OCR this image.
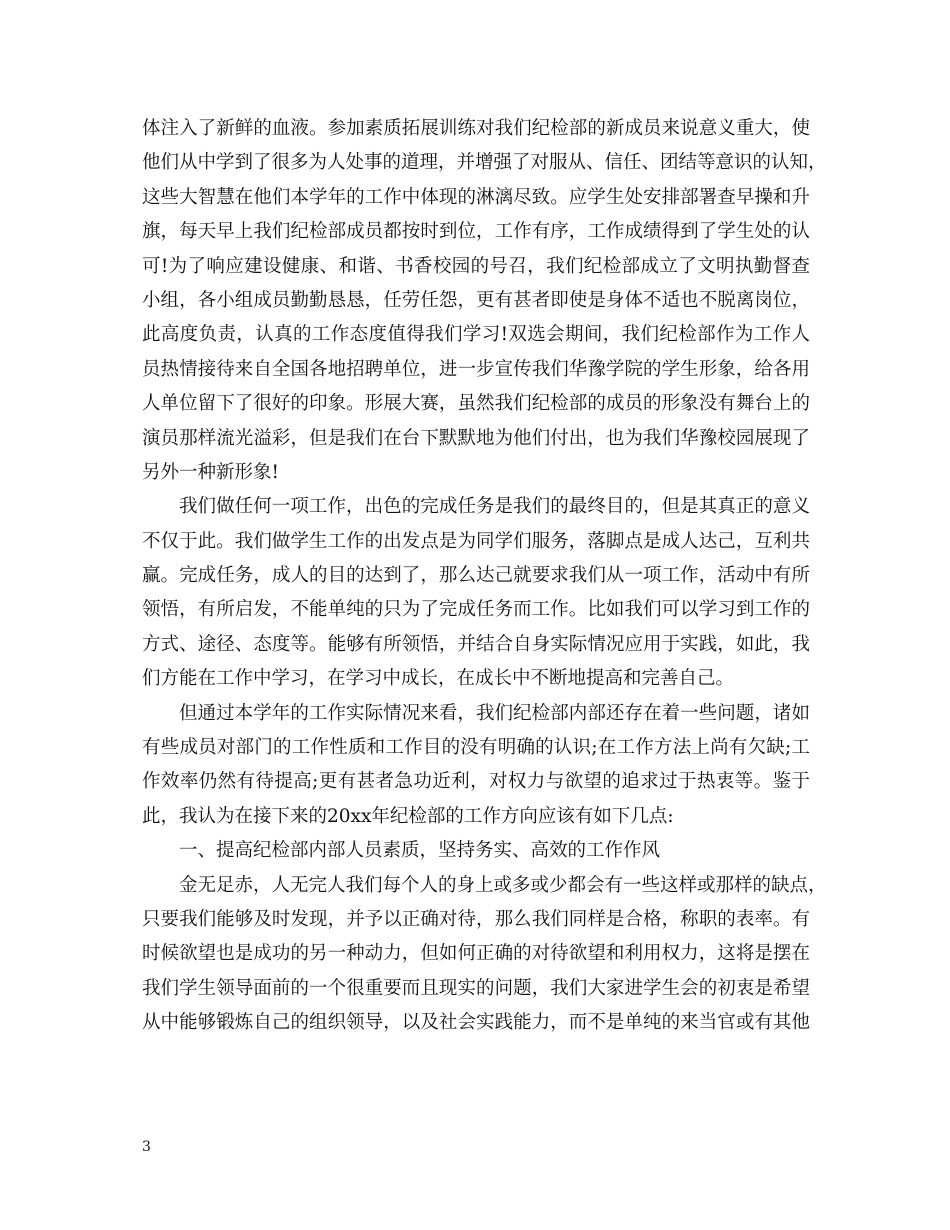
体注入了新鲜的血液。参加素质拓展训练对我们纪检部的新成员来说意义重大，使
他们从中学到了很多为人处事的道理，并增强了对服从、信任、团结等意识的认知，
这些大智慧在他们本学年的工作中体现的淋漓尽致。应学生处安排部署查早操和升
旗，每天早上我们纪检部成员都按时到位，工作有序，工作成绩得到了学生处的认
可!为了响应建设健康、和谐、书香校园的号召，我们纪检部成立了文明执勤督查
小组，各小组成员勤勤恳恳，任劳任怨，更有甚者即使是身体不适也不脱离岗位，
此高度负责，认真的工作态度值得我们学习!双选会期间，我们纪检部作为工作人
员热情接待来自全国各地招聘单位，进一步宣传我们华豫学院的学生形象，给各用
人单位留下了很好的印象。形展大赛，虽然我们纪检部的成员的形象没有舞台上的
演员那样流光溢彩，但是我们在台下默默地为他们付出，也为我们华豫校园展现了
另外一种新形象!
我们做任何一项工作，出色的完成任务是我们的最终目的，但是其真正的意义
不仅于此。我们做学生工作的出发点是为同学们服务，落脚点是成人达己，互利共
赢。完成任务，成人的目的达到了，那么达己就要求我们从一项工作，活动中有所
领悟，有所启发，不能单纯的只为了完成任务而工作。比如我们可以学习到工作的
方式、途径、态度等。能够有所领悟，并结合自身实际情况应用于实践，如此，我
们方能在工作中学习，在学习中成长，在成长中不断地提高和完善自己。
但通过本学年的工作实际情况来看，我们纪检部内部还存在着一些问题，诸如
有些成员对部门的工作性质和工作目的没有明确的认识;在工作方法上尚有欠缺;工
作效率仍然有待提高;更有甚者急功近利，对权力与欲望的追求过于热衷等。鉴于
此，我认为在接下来的20xx年纪检部的工作方向应该有如下几点:
一、提高纪检部内部人员素质，坚持务实、高效的工作作风
金无足赤，人无完人我们每个人的身上或多或少都会有一些这样或那样的缺点，
只要我们能够及时发现，并予以正确对待，那么我们同样是合格，称职的表率。有
时候欲望也是成功的另一种动力，但如何正确的对待欲望和利用权力，这将是摆在
我们学生领导面前的一个很重要而且现实的问题，我们大家进学生会的初衷是希望
从中能够锻炼自己的组织领导，以及社会实践能力，而不是单纯的来当官或有其他
3
